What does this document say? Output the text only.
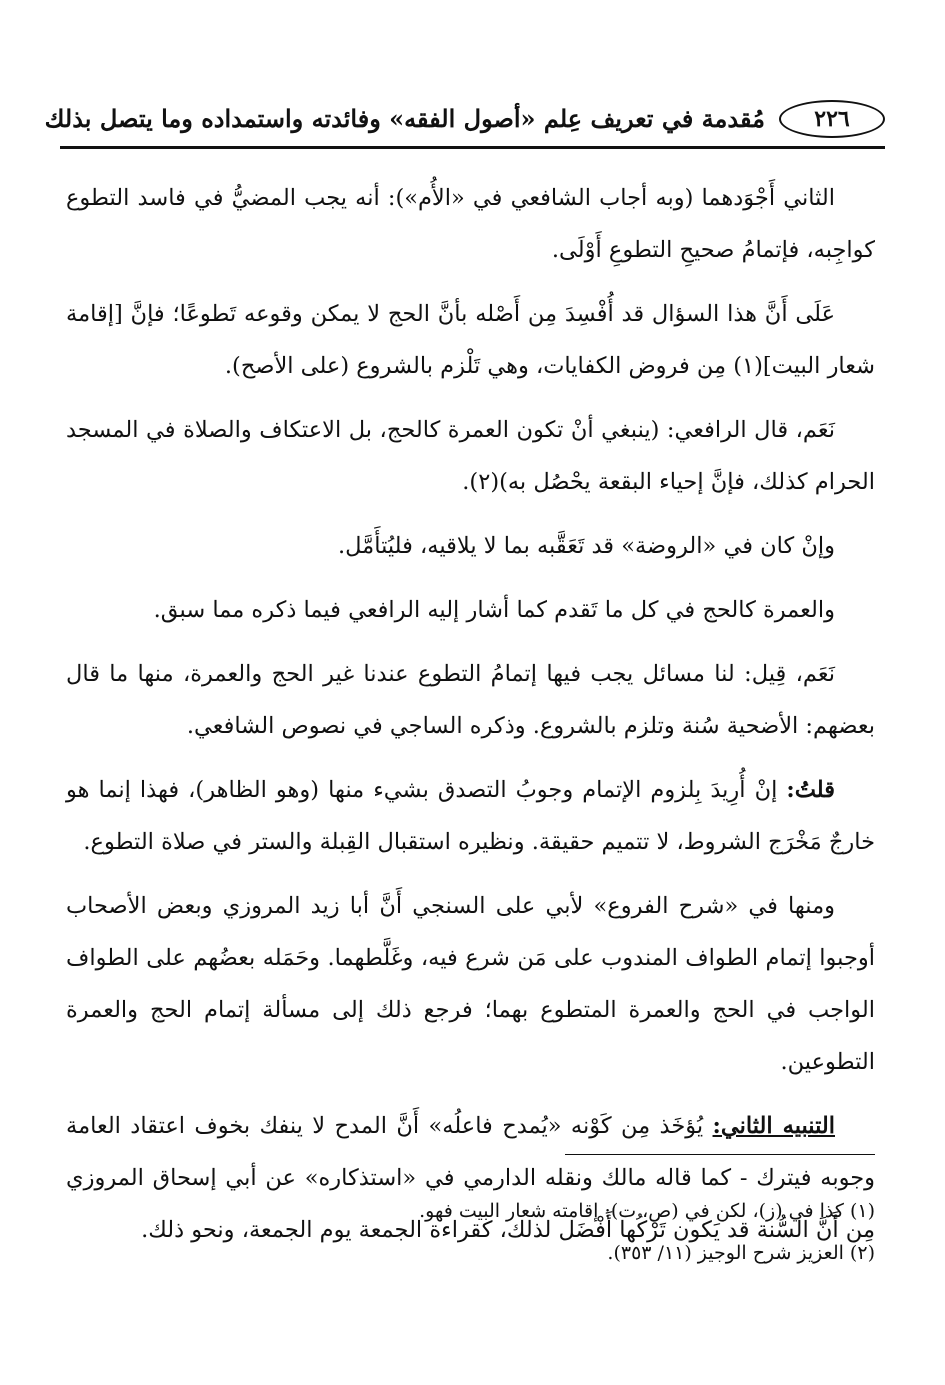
٢٢٦
مُقدمة في تعريف عِلم «أصول الفقه» وفائدته واستمداده وما يتصل بذلك

الثاني أَجْوَدهما (وبه أجاب الشافعي في «الأُم»): أنه يجب المضيُّ في فاسد التطوع كواجِبه، فإتمامُ صحيحِ التطوعِ أَوْلَى.

عَلَى أَنَّ هذا السؤال قد أُفْسِدَ مِن أَصْله بأنَّ الحج لا يمكن وقوعه تَطوعًا؛ فإنَّ [إقامة شعار البيت](١) مِن فروض الكفايات، وهي تَلْزم بالشروع (على الأصح).

نَعَم، قال الرافعي: (ينبغي أنْ تكون العمرة كالحج، بل الاعتكاف والصلاة في المسجد الحرام كذلك، فإنَّ إحياء البقعة يحْصُل به)(٢).

وإنْ كان في «الروضة» قد تَعَقَّبه بما لا يلاقيه، فليُتأَمَّل.

والعمرة كالحج في كل ما تَقدم كما أشار إليه الرافعي فيما ذكره مما سبق.

نَعَم، قِيل: لنا مسائل يجب فيها إتمامُ التطوع عندنا غير الحج والعمرة، منها ما قال بعضهم: الأضحية سُنة وتلزم بالشروع. وذكره الساجي في نصوص الشافعي.

قلتُ: إنْ أُرِيدَ بِلزوم الإتمام وجوبُ التصدق بشيء منها (وهو الظاهر)، فهذا إنما هو خارجٌ مَخْرَج الشروط، لا تتميم حقيقة. ونظيره استقبال القِبلة والستر في صلاة التطوع.

ومنها في «شرح الفروع» لأبي على السنجي أَنَّ أبا زيد المروزي وبعض الأصحاب أوجبوا إتمام الطواف المندوب على مَن شرع فيه، وغَلَّطهما. وحَمَله بعضُهم على الطواف الواجب في الحج والعمرة المتطوع بهما؛ فرجع ذلك إلى مسألة إتمام الحج والعمرة التطوعين.

التنبيه الثاني: يُؤخَذ مِن كَوْنه «يُمدح فاعلُه» أَنَّ المدح لا ينفك بخوف اعتقاد العامة وجوبه فيترك - كما قاله مالك ونقله الدارمي في «استذكاره» عن أبي إسحاق المروزي مِن أَنَّ السُّنة قد يَكون تَرْكُها أَفْضَل لذلك، كقراءة الجمعة يوم الجمعة، ونحو ذلك.

(١) كذا في (ز)، لكن في (ص، ت): إقامته شعار البيت فهو.

(٢) العزيز شرح الوجيز (١١/ ٣٥٣).
